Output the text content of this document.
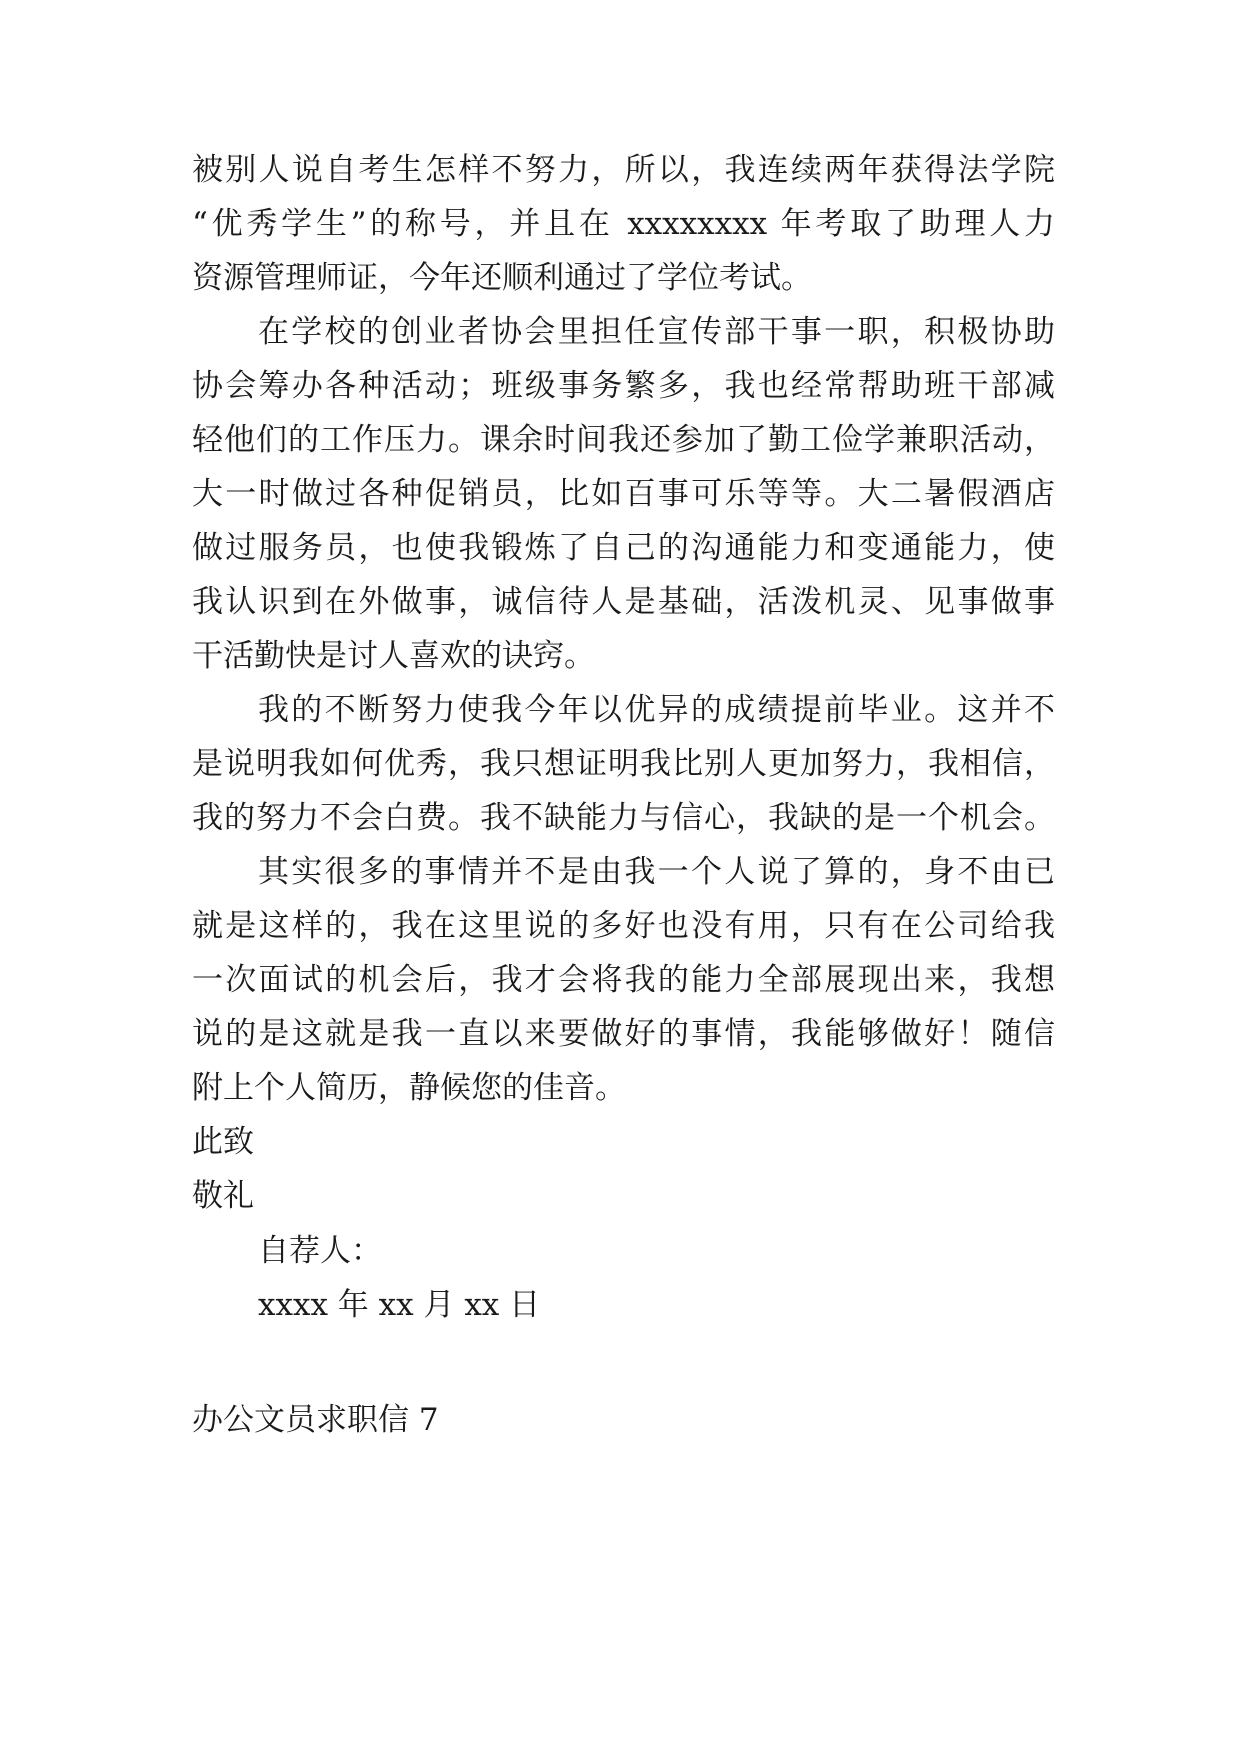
被别人说自考生怎样不努力，所以，我连续两年获得法学院
“优秀学生”的称号，并且在 xxxxxxxx 年考取了助理人力
资源管理师证，今年还顺利通过了学位考试。
在学校的创业者协会里担任宣传部干事一职，积极协助
协会筹办各种活动；班级事务繁多，我也经常帮助班干部减
轻他们的工作压力。课余时间我还参加了勤工俭学兼职活动，
大一时做过各种促销员，比如百事可乐等等。大二暑假酒店
做过服务员，也使我锻炼了自己的沟通能力和变通能力，使
我认识到在外做事，诚信待人是基础，活泼机灵、见事做事
干活勤快是讨人喜欢的诀窍。
我的不断努力使我今年以优异的成绩提前毕业。这并不
是说明我如何优秀，我只想证明我比别人更加努力，我相信，
我的努力不会白费。我不缺能力与信心，我缺的是一个机会。
其实很多的事情并不是由我一个人说了算的，身不由已
就是这样的，我在这里说的多好也没有用，只有在公司给我
一次面试的机会后，我才会将我的能力全部展现出来，我想
说的是这就是我一直以来要做好的事情，我能够做好！随信
附上个人简历，静候您的佳音。
此致
敬礼
自荐人：
xxxx 年 xx 月 xx 日
办公文员求职信 7
